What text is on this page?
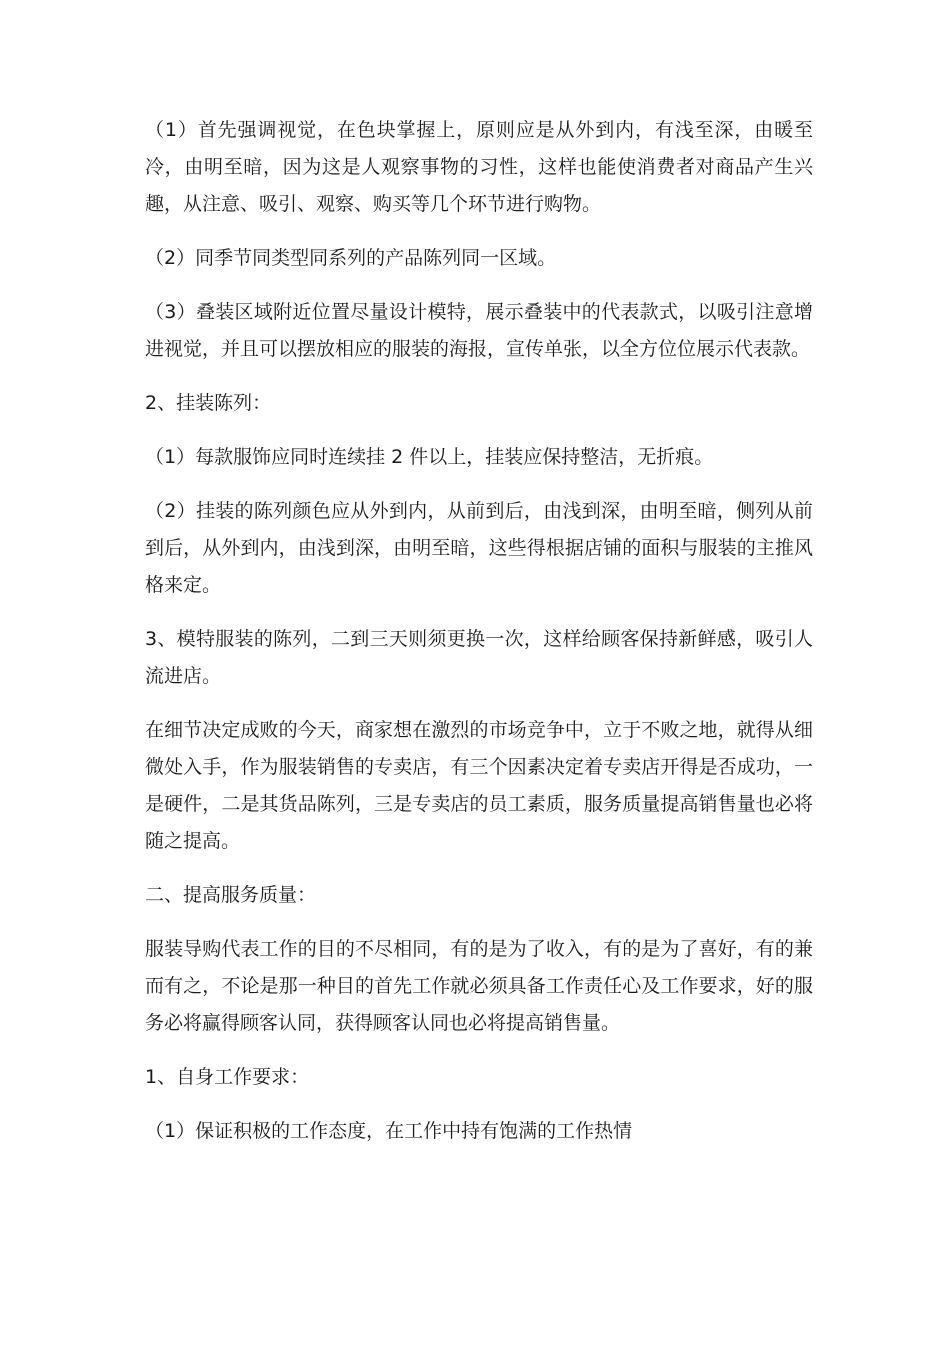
（1）首先强调视觉，在色块掌握上，原则应是从外到内，有浅至深，由暖至冷，由明至暗，因为这是人观察事物的习性，这样也能使消费者对商品产生兴趣，从注意、吸引、观察、购买等几个环节进行购物。

（2）同季节同类型同系列的产品陈列同一区域。

（3）叠装区域附近位置尽量设计模特，展示叠装中的代表款式，以吸引注意增进视觉，并且可以摆放相应的服装的海报，宣传单张，以全方位位展示代表款。

2、挂装陈列：

（1）每款服饰应同时连续挂 2 件以上，挂装应保持整洁，无折痕。

（2）挂装的陈列颜色应从外到内，从前到后，由浅到深，由明至暗，侧列从前到后，从外到内，由浅到深，由明至暗，这些得根据店铺的面积与服装的主推风格来定。

3、模特服装的陈列，二到三天则须更换一次，这样给顾客保持新鲜感，吸引人流进店。

在细节决定成败的今天，商家想在激烈的市场竞争中，立于不败之地，就得从细微处入手，作为服装销售的专卖店，有三个因素决定着专卖店开得是否成功，一是硬件，二是其货品陈列，三是专卖店的员工素质，服务质量提高销售量也必将随之提高。

二、提高服务质量：

服装导购代表工作的目的不尽相同，有的是为了收入，有的是为了喜好，有的兼而有之，不论是那一种目的首先工作就必须具备工作责任心及工作要求，好的服务必将赢得顾客认同，获得顾客认同也必将提高销售量。

1、自身工作要求：

（1）保证积极的工作态度，在工作中持有饱满的工作热情
